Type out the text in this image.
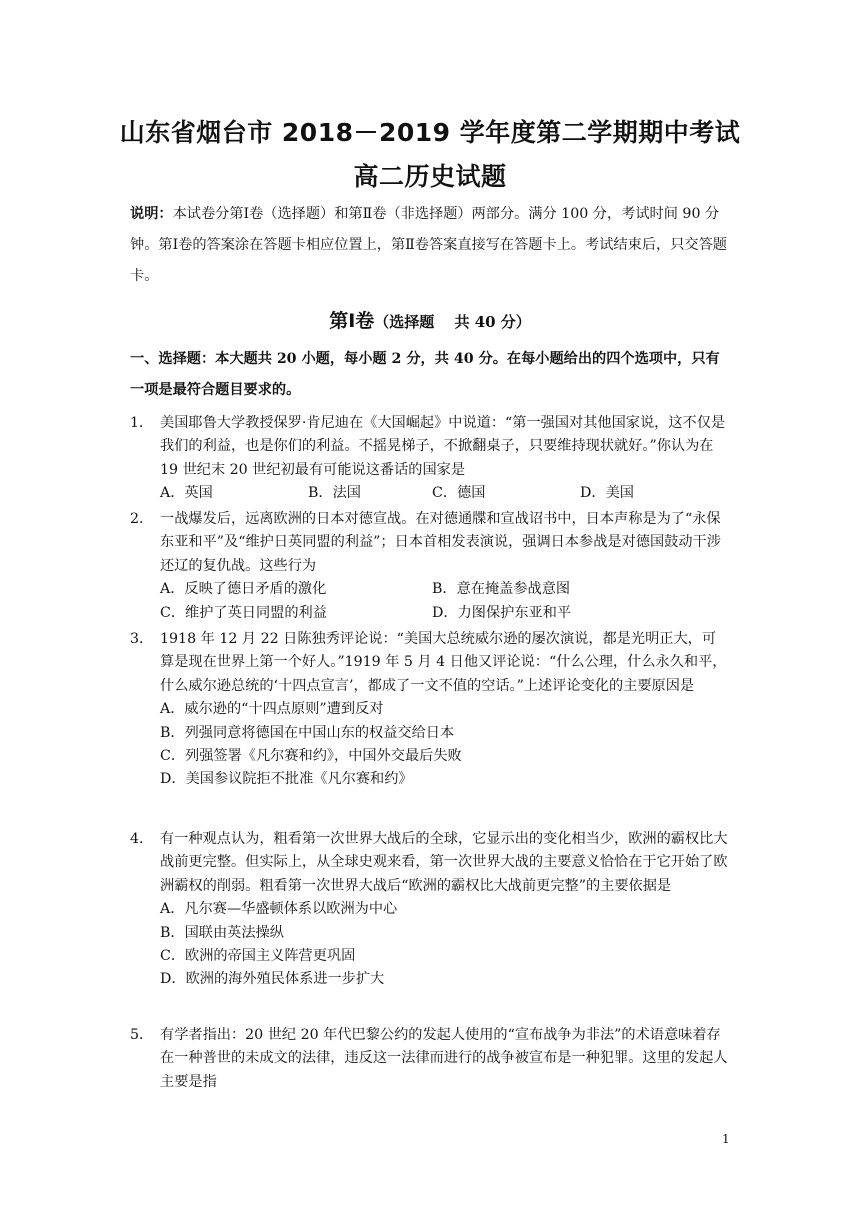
山东省烟台市 2018－2019 学年度第二学期期中考试
高二历史试题
说明：本试卷分第Ⅰ卷（选择题）和第Ⅱ卷（非选择题）两部分。满分 100 分，考试时间 90 分钟。第Ⅰ卷的答案涂在答题卡相应位置上，第Ⅱ卷答案直接写在答题卡上。考试结束后，只交答题卡。
第Ⅰ卷（选择题　 共 40 分）
一、选择题：本大题共 20 小题，每小题 2 分，共 40 分。在每小题给出的四个选项中，只有一项是最符合题目要求的。
1． 美国耶鲁大学教授保罗·肯尼迪在《大国崛起》中说道：“第一强国对其他国家说，这不仅是我们的利益，也是你们的利益。不摇晃梯子，不掀翻桌子，只要维持现状就好。”你认为在 19 世纪末 20 世纪初最有可能说这番话的国家是
A．英国	B．法国	C．德国	D．美国
2． 一战爆发后，远离欧洲的日本对德宣战。在对德通牒和宣战诏书中，日本声称是为了“永保东亚和平”及“维护日英同盟的利益”；日本首相发表演说，强调日本参战是对德国鼓动干涉还辽的复仇战。这些行为
A．反映了德日矛盾的激化	B．意在掩盖参战意图
C．维护了英日同盟的利益	D．力图保护东亚和平
3． 1918 年 12 月 22 日陈独秀评论说：“美国大总统威尔逊的屡次演说，都是光明正大，可算是现在世界上第一个好人。”1919 年 5 月 4 日他又评论说：“什么公理，什么永久和平，什么威尔逊总统的‘十四点宣言’，都成了一文不值的空话。”上述评论变化的主要原因是
A．威尔逊的“十四点原则”遭到反对
B．列强同意将德国在中国山东的权益交给日本
C．列强签署《凡尔赛和约》，中国外交最后失败
D．美国参议院拒不批准《凡尔赛和约》
4． 有一种观点认为，粗看第一次世界大战后的全球，它显示出的变化相当少，欧洲的霸权比大战前更完整。但实际上，从全球史观来看，第一次世界大战的主要意义恰恰在于它开始了欧洲霸权的削弱。粗看第一次世界大战后“欧洲的霸权比大战前更完整”的主要依据是
A．凡尔赛—华盛顿体系以欧洲为中心
B．国联由英法操纵
C．欧洲的帝国主义阵营更巩固
D．欧洲的海外殖民体系进一步扩大
5． 有学者指出：20 世纪 20 年代巴黎公约的发起人使用的“宣布战争为非法”的术语意味着存在一种普世的未成文的法律，违反这一法律而进行的战争被宣布是一种犯罪。这里的发起人主要是指
1
